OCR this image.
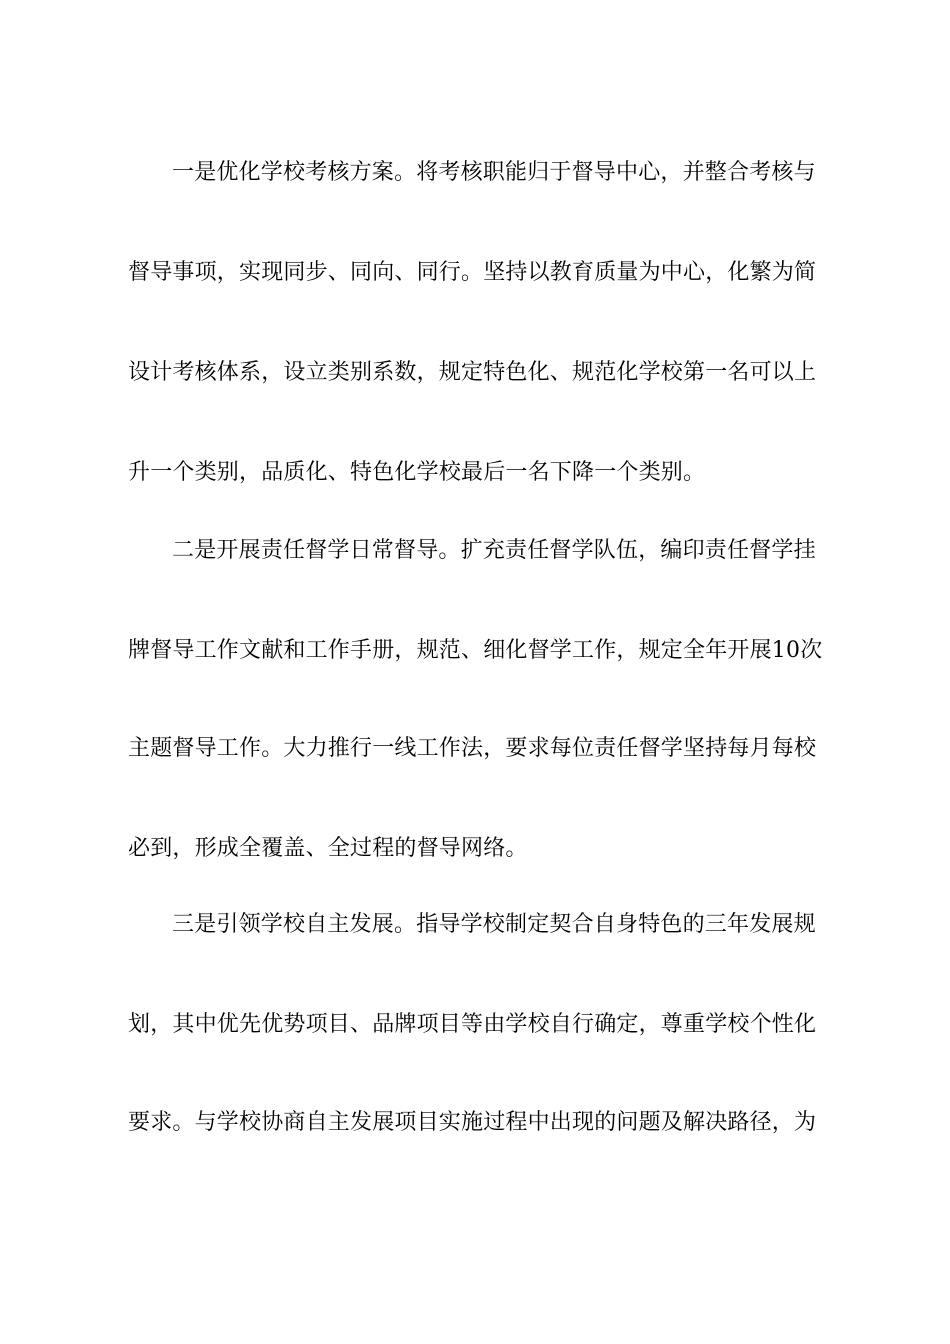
一是优化学校考核方案。将考核职能归于督导中心，并整合考核与

督导事项，实现同步、同向、同行。坚持以教育质量为中心，化繁为简

设计考核体系，设立类别系数，规定特色化、规范化学校第一名可以上

升一个类别，品质化、特色化学校最后一名下降一个类别。

二是开展责任督学日常督导。扩充责任督学队伍，编印责任督学挂

牌督导工作文献和工作手册，规范、细化督学工作，规定全年开展10次

主题督导工作。大力推行一线工作法，要求每位责任督学坚持每月每校

必到，形成全覆盖、全过程的督导网络。

三是引领学校自主发展。指导学校制定契合自身特色的三年发展规

划，其中优先优势项目、品牌项目等由学校自行确定，尊重学校个性化

要求。与学校协商自主发展项目实施过程中出现的问题及解决路径，为
